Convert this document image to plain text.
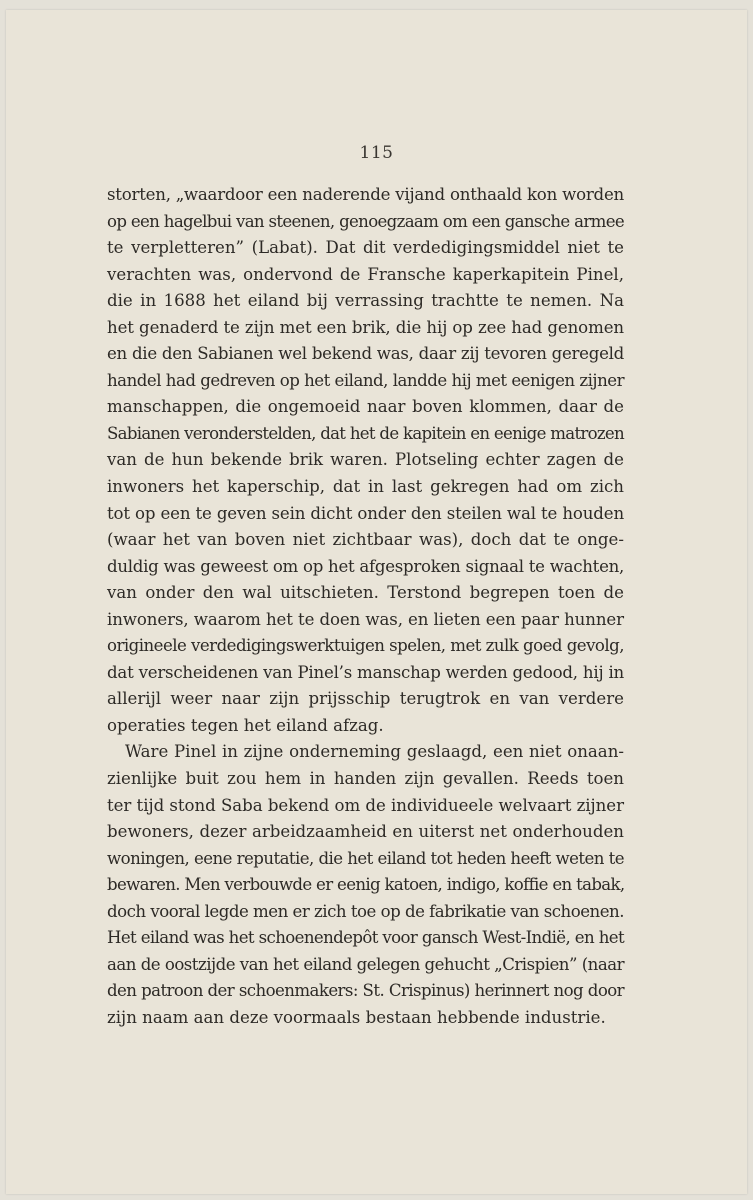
115
storten, „waardoor een naderende vijand onthaald kon worden
op een hagelbui van steenen, genoegzaam om een gansche armee
te verpletteren” (Labat). Dat dit verdedigingsmiddel niet te
verachten was, ondervond de Fransche kaperkapitein Pinel,
die in 1688 het eiland bij verrassing trachtte te nemen. Na
het genaderd te zijn met een brik, die hij op zee had genomen
en die den Sabianen wel bekend was, daar zij tevoren geregeld
handel had gedreven op het eiland, landde hij met eenigen zijner
manschappen, die ongemoeid naar boven klommen, daar de
Sabianen veronderstelden, dat het de kapitein en eenige matrozen
van de hun bekende brik waren. Plotseling echter zagen de
inwoners het kaperschip, dat in last gekregen had om zich
tot op een te geven sein dicht onder den steilen wal te houden
(waar het van boven niet zichtbaar was), doch dat te onge-
duldig was geweest om op het afgesproken signaal te wachten,
van onder den wal uitschieten. Terstond begrepen toen de
inwoners, waarom het te doen was, en lieten een paar hunner
origineele verdedigingswerktuigen spelen, met zulk goed gevolg,
dat verscheidenen van Pinel’s manschap werden gedood, hij in
allerijl weer naar zijn prijsschip terugtrok en van verdere
operaties tegen het eiland afzag.
Ware Pinel in zijne onderneming geslaagd, een niet onaan-
zienlijke buit zou hem in handen zijn gevallen. Reeds toen
ter tijd stond Saba bekend om de individueele welvaart zijner
bewoners, dezer arbeidzaamheid en uiterst net onderhouden
woningen, eene reputatie, die het eiland tot heden heeft weten te
bewaren. Men verbouwde er eenig katoen, indigo, koffie en tabak,
doch vooral legde men er zich toe op de fabrikatie van schoenen.
Het eiland was het schoenendepôt voor gansch West-Indië, en het
aan de oostzijde van het eiland gelegen gehucht „Crispien” (naar
den patroon der schoenmakers: St. Crispinus) herinnert nog door
zijn naam aan deze voormaals bestaan hebbende industrie.
